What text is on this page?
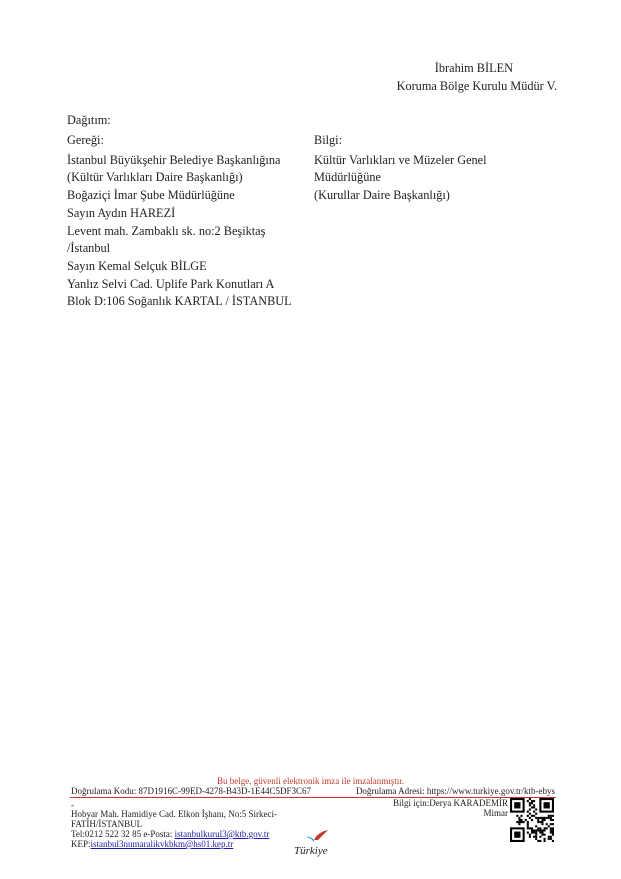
İbrahim BİLEN
Koruma Bölge Kurulu Müdür V.
Dağıtım:
Gereği:
İstanbul Büyükşehir Belediye Başkanlığına
(Kültür Varlıkları Daire Başkanlığı)
Boğaziçi İmar Şube Müdürlüğüne
Sayın Aydın HAREZİ
Levent mah. Zambaklı sk. no:2 Beşiktaş
/İstanbul
Sayın Kemal Selçuk BİLGE
Yanlız Selvi Cad. Uplife Park Konutları A
Blok D:106 Soğanlık KARTAL / İSTANBUL
Bilgi:
Kültür Varlıkları ve Müzeler Genel
Müdürlüğüne
(Kurullar Daire Başkanlığı)
Bu belge, güvenli elektronik imza ile imzalanmıştır.
Doğrulama Kodu: 87D1916C-99ED-4278-B43D-1E44C5DF3C67	Doğrulama Adresi: https://www.turkiye.gov.tr/ktb-ebys
-
Hobyar Mah. Hamidiye Cad. Elkon İşhanı, No:5 Sirkeci-
FATİH/İSTANBUL
Tel:0212 522 32 85 e-Posta: istanbulkurul3@ktb.gov.tr
KEP:istanbul3numaralikvkbkm@hs01.kep.tr
Bilgi için:Derya KARADEMİR
Mimar
Türkiye
